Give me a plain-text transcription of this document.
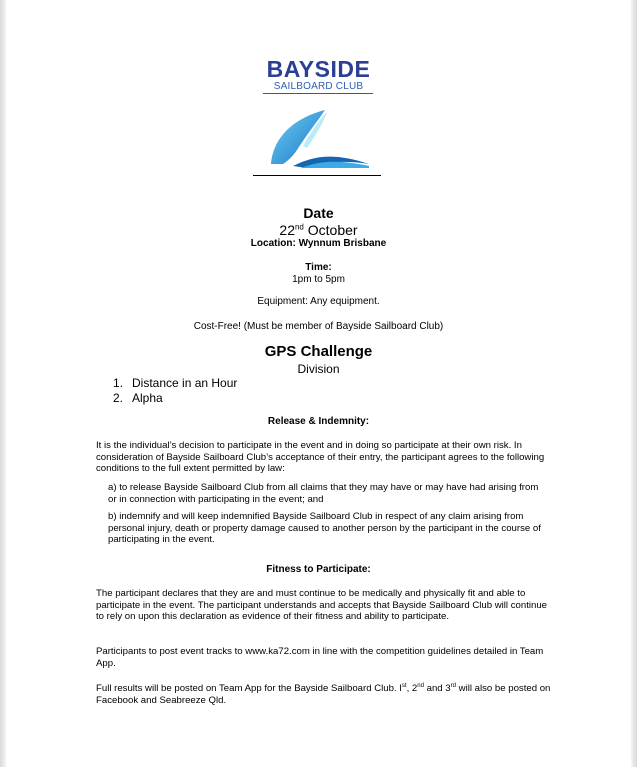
BAYSIDE
SAILBOARD CLUB
Date
22nd October
Location: Wynnum Brisbane
Time:
1pm to 5pm
Equipment: Any equipment.
Cost-Free! (Must be member of Bayside Sailboard Club)
GPS Challenge
Division
1. Distance in an Hour
2. Alpha
Release & Indemnity:

It is the individual’s decision to participate in the event and in doing so participate at their own risk. In consideration of Bayside Sailboard Club’s acceptance of their entry, the participant agrees to the following conditions to the full extent permitted by law:

a) to release Bayside Sailboard Club from all claims that they may have or may have had arising from or in connection with participating in the event; and

b) indemnify and will keep indemnified Bayside Sailboard Club in respect of any claim arising from personal injury, death or property damage caused to another person by the participant in the course of participating in the event.

Fitness to Participate:

The participant declares that they are and must continue to be medically and physically fit and able to participate in the event. The participant understands and accepts that Bayside Sailboard Club will continue to rely on upon this declaration as evidence of their fitness and ability to participate.

Participants to post event tracks to www.ka72.com in line with the competition guidelines detailed in Team App.

Full results will be posted on Team App for the Bayside Sailboard Club. Ist, 2nd and 3rd will also be posted on Facebook and Seabreeze Qld.
